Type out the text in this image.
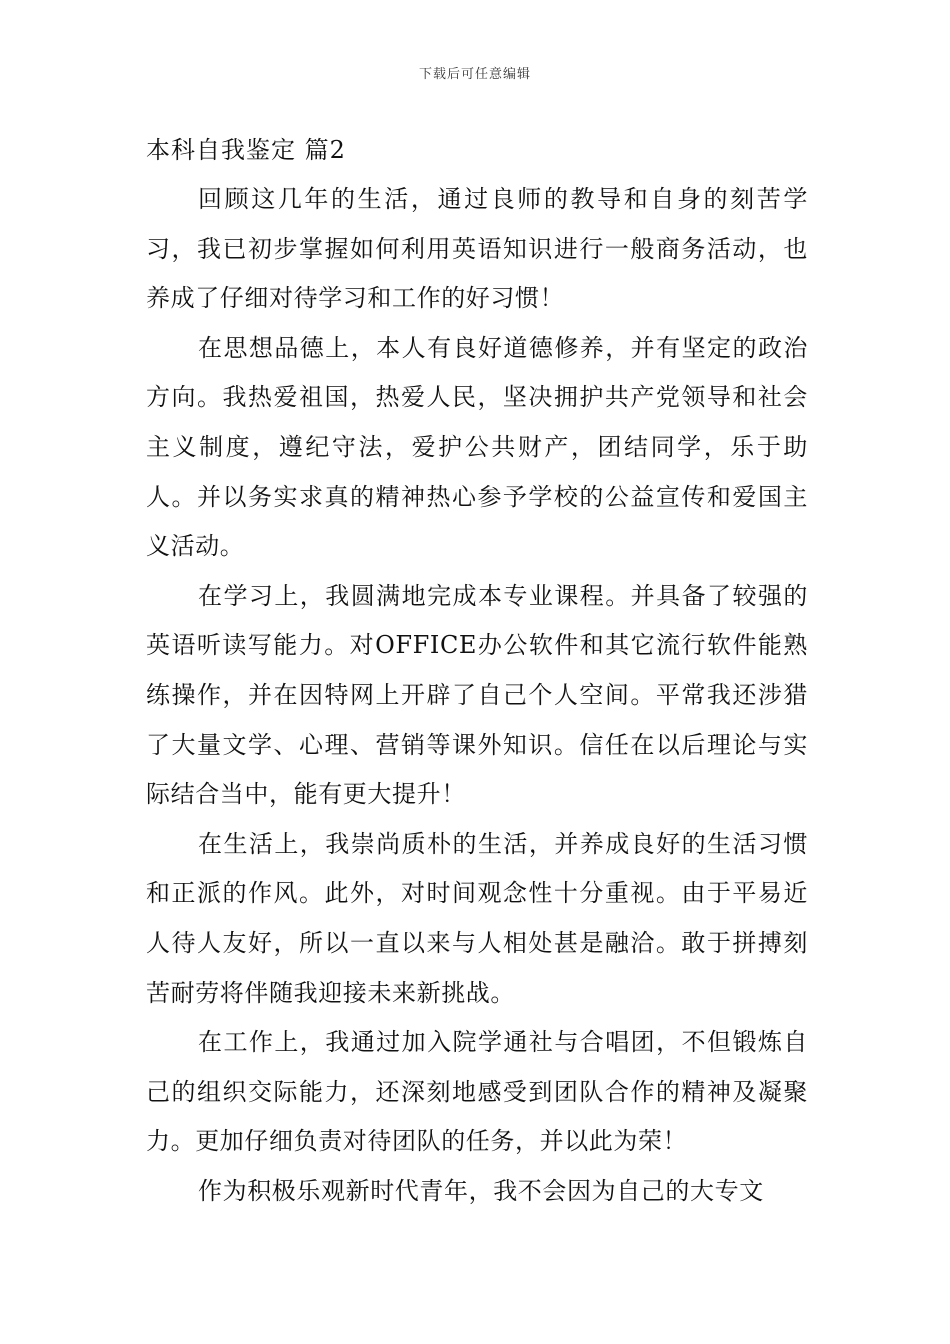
下载后可任意编辑
本科自我鉴定 篇2

回顾这几年的生活，通过良师的教导和自身的刻苦学习，我已初步掌握如何利用英语知识进行一般商务活动，也养成了仔细对待学习和工作的好习惯！

在思想品德上，本人有良好道德修养，并有坚定的政治方向。我热爱祖国，热爱人民，坚决拥护共产党领导和社会主义制度，遵纪守法，爱护公共财产，团结同学，乐于助人。并以务实求真的精神热心参予学校的公益宣传和爱国主义活动。

在学习上，我圆满地完成本专业课程。并具备了较强的英语听读写能力。对OFFICE办公软件和其它流行软件能熟练操作，并在因特网上开辟了自己个人空间。平常我还涉猎了大量文学、心理、营销等课外知识。信任在以后理论与实际结合当中，能有更大提升！

在生活上，我崇尚质朴的生活，并养成良好的生活习惯和正派的作风。此外，对时间观念性十分重视。由于平易近人待人友好，所以一直以来与人相处甚是融洽。敢于拼搏刻苦耐劳将伴随我迎接未来新挑战。

在工作上，我通过加入院学通社与合唱团，不但锻炼自己的组织交际能力，还深刻地感受到团队合作的精神及凝聚力。更加仔细负责对待团队的任务，并以此为荣！

作为积极乐观新时代青年，我不会因为自己的大专文
